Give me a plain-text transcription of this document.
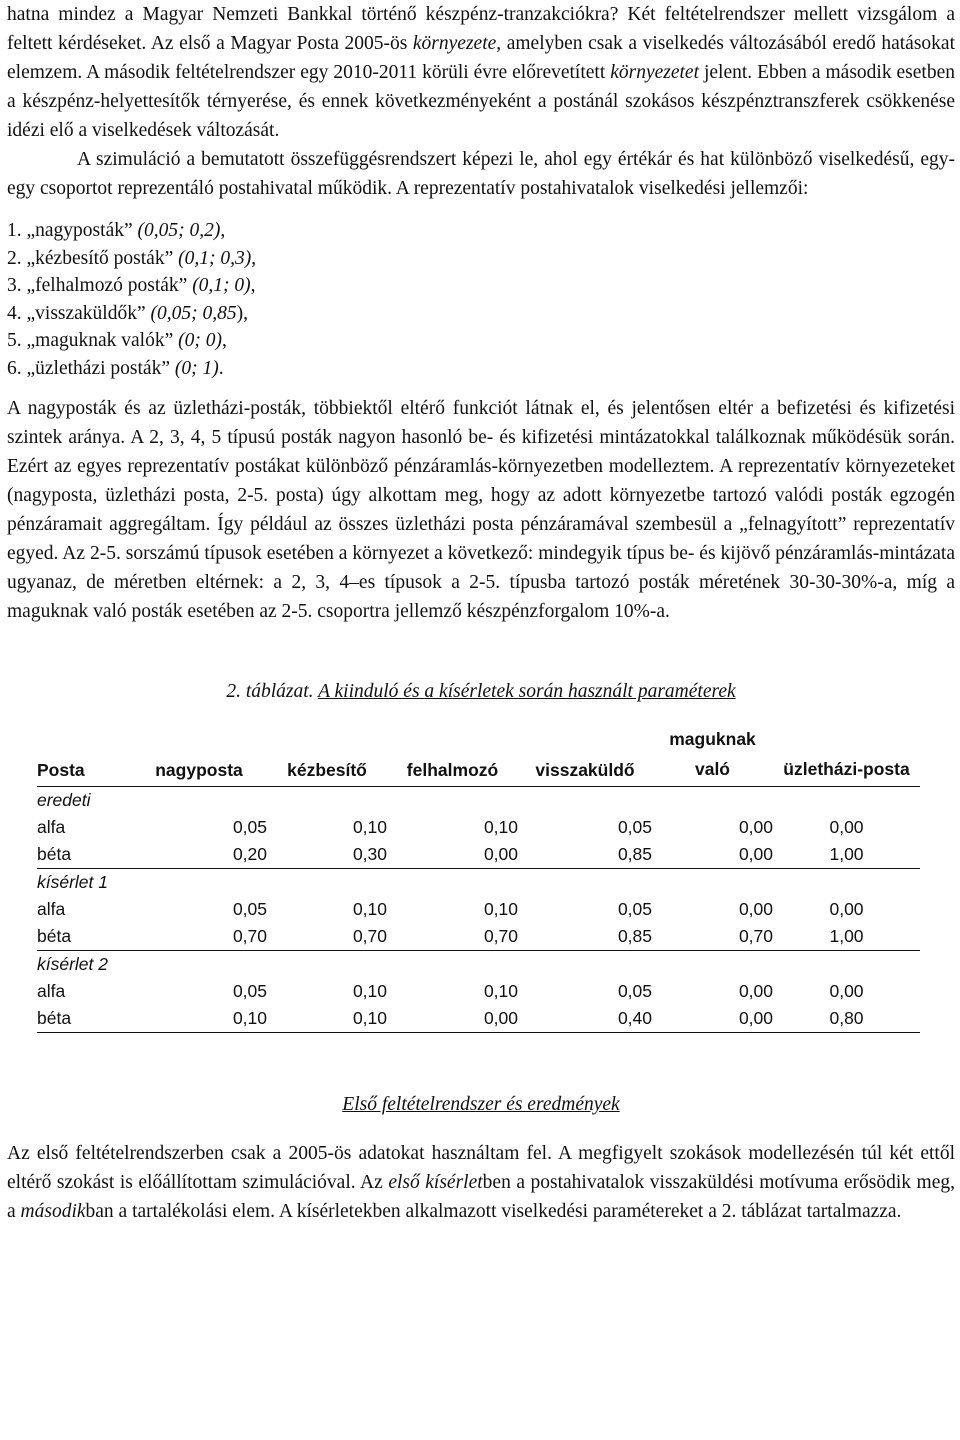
hatna mindez a Magyar Nemzeti Bankkal történő készpénz-tranzakciókra? Két feltételrendszer mellett vizsgálom a feltett kérdéseket. Az első a Magyar Posta 2005-ös környezete, amelyben csak a viselkedés változásából eredő hatásokat elemzem. A második feltételrendszer egy 2010-2011 körüli évre előrevetített környezetet jelent. Ebben a második esetben a készpénz-helyettesítők térnyerése, és ennek következményeként a postánál szokásos készpénztranszferek csökkenése idézi elő a viselkedések változását.

A szimuláció a bemutatott összefüggésrendszert képezi le, ahol egy értékár és hat különböző viselkedésű, egy-egy csoportot reprezentáló postahivatal működik. A reprezentatív postahivatalok viselkedési jellemzői:

1. „nagyposták” (0,05; 0,2),
2. „kézbesítő posták” (0,1; 0,3),
3. „felhalmozó posták” (0,1; 0),
4. „visszaküldők” (0,05; 0,85),
5. „maguknak valók” (0; 0),
6. „üzletházi posták” (0; 1).

A nagyposták és az üzletházi-posták, többiektől eltérő funkciót látnak el, és jelentősen eltér a befizetési és kifizetési szintek aránya. A 2, 3, 4, 5 típusú posták nagyon hasonló be- és kifizetési mintázatokkal találkoznak működésük során. Ezért az egyes reprezentatív postákat különböző pénzáramlás-környezetben modelleztem. A reprezentatív környezeteket (nagyposta, üzletházi posta, 2-5. posta) úgy alkottam meg, hogy az adott környezetbe tartozó valódi posták egzogén pénzáramait aggregáltam. Így például az összes üzletházi posta pénzáramával szembesül a „felnagyított” reprezentatív egyed. Az 2-5. sorszámú típusok esetében a környezet a következő: mindegyik típus be- és kijövő pénzáramlás-mintázata ugyanaz, de méretben eltérnek: a 2, 3, 4–es típusok a 2-5. típusba tartozó posták méretének 30-30-30%-a, míg a maguknak való posták esetében az 2-5. csoportra jellemző készpénzforgalom 10%-a.

2. táblázat. A kiinduló és a kísérletek során használt paraméterek

Posta	nagyposta	kézbesítő	felhalmozó	visszaküldő	maguknak való	üzletházi-posta
eredeti						
alfa	0,05	0,10	0,10	0,05	0,00	0,00
béta	0,20	0,30	0,00	0,85	0,00	1,00
kísérlet 1						
alfa	0,05	0,10	0,10	0,05	0,00	0,00
béta	0,70	0,70	0,70	0,85	0,70	1,00
kísérlet 2						
alfa	0,05	0,10	0,10	0,05	0,00	0,00
béta	0,10	0,10	0,00	0,40	0,00	0,80

Első feltételrendszer és eredmények

Az első feltételrendszerben csak a 2005-ös adatokat használtam fel. A megfigyelt szokások modellezésén túl két ettől eltérő szokást is előállítottam szimulációval. Az első kísérletben a postahivatalok visszaküldési motívuma erősödik meg, a másodikban a tartalékolási elem. A kísérletekben alkalmazott viselkedési paramétereket a 2. táblázat tartalmazza.
